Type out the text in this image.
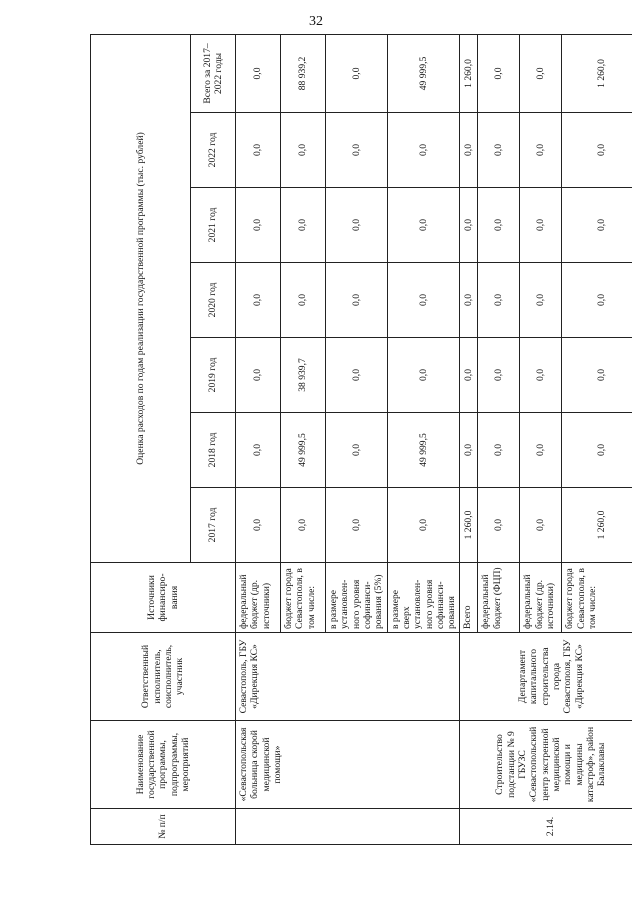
32
№ п/п	Наименование государственной программы, подпрограммы, мероприятий	Ответственный исполнитель, соисполнитель, участник	Источники финансиро-вания	Оценка расходов по годам реализации государственной программы (тыс. рублей)						
				2017 год	2018 год	2019 год	2020 год	2021 год	2022 год	Всего за 2017–2022 годы
	«Севастопольская больница скорой медицинской помощи»	Севастополь, ГБУ «Дирекция КС»	федеральный бюджет (др. источники)	0,0	0,0	0,0	0,0	0,0	0,0	0,0
			бюджет города Севастополя, в том числе:	0,0	49 999,5	38 939,7	0,0	0,0	0,0	88 939,2
			в размере установлен-ного уровня софинанси-рования (5%)	0,0	0,0	0,0	0,0	0,0	0,0	0,0
			в размере сверх установлен-ного уровня софинанси-рования	0,0	49 999,5	0,0	0,0	0,0	0,0	49 999,5
2.14.	Строительство подстанции № 9 ГБУЗС «Севастопольский центр экстренной медицинской помощи и медицины катастроф», район Балаклавы	Департамент капитального строительства города Севастополя, ГБУ «Дирекция КС»	Всего	1 260,0	0,0	0,0	0,0	0,0	0,0	1 260,0
			федеральный бюджет (ФЦП)	0,0	0,0	0,0	0,0	0,0	0,0	0,0
			федеральный бюджет (др. источники)	0,0	0,0	0,0	0,0	0,0	0,0	0,0
			бюджет города Севастополя, в том числе:	1 260,0	0,0	0,0	0,0	0,0	0,0	1 260,0
